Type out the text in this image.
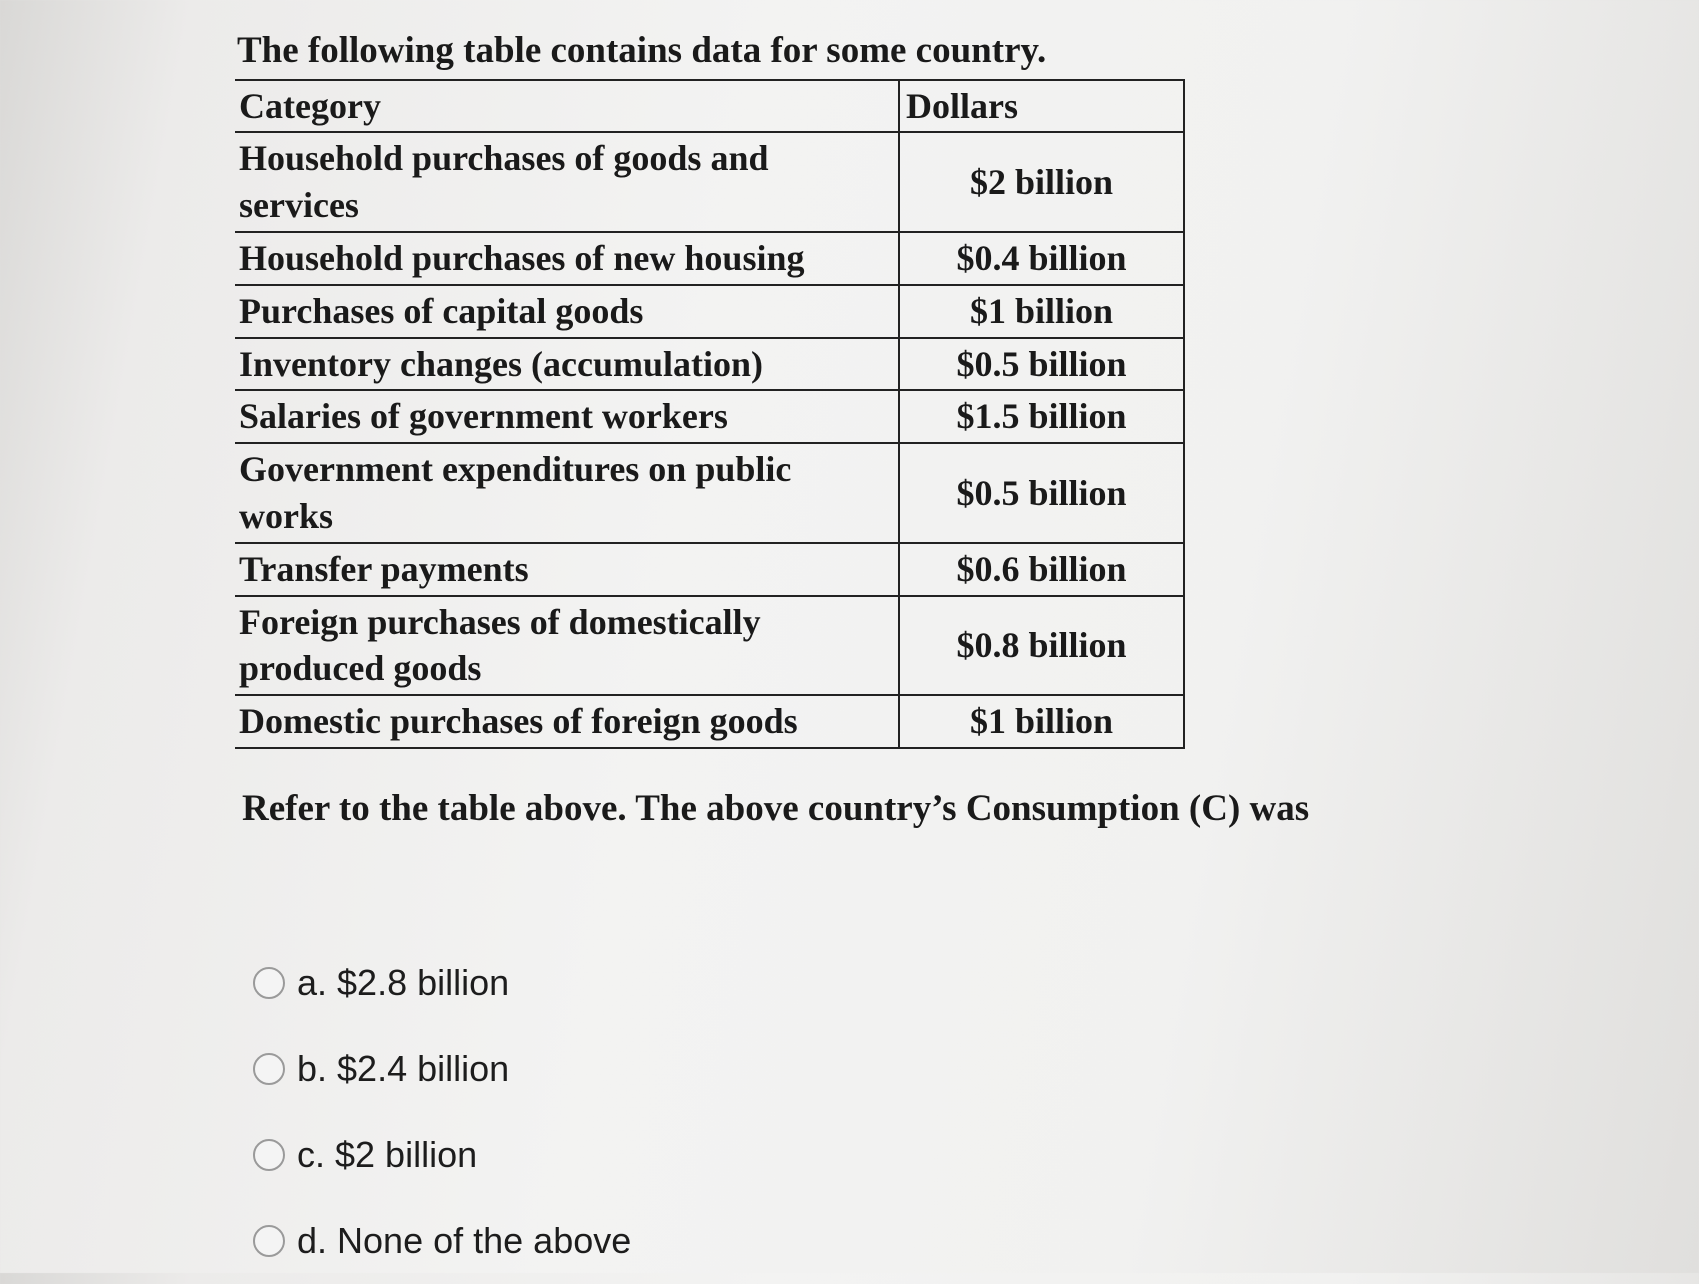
The following table contains data for some country.
Category	Dollars
Household purchases of goods and services	$2 billion
Household purchases of new housing	$0.4 billion
Purchases of capital goods	$1 billion
Inventory changes (accumulation)	$0.5 billion
Salaries of government workers	$1.5 billion
Government expenditures on public works	$0.5 billion
Transfer payments	$0.6 billion
Foreign purchases of domestically produced goods	$0.8 billion
Domestic purchases of foreign goods	$1 billion
Refer to the table above. The above country’s Consumption (C) was
a. $2.8 billion
b. $2.4 billion
c. $2 billion
d. None of the above
